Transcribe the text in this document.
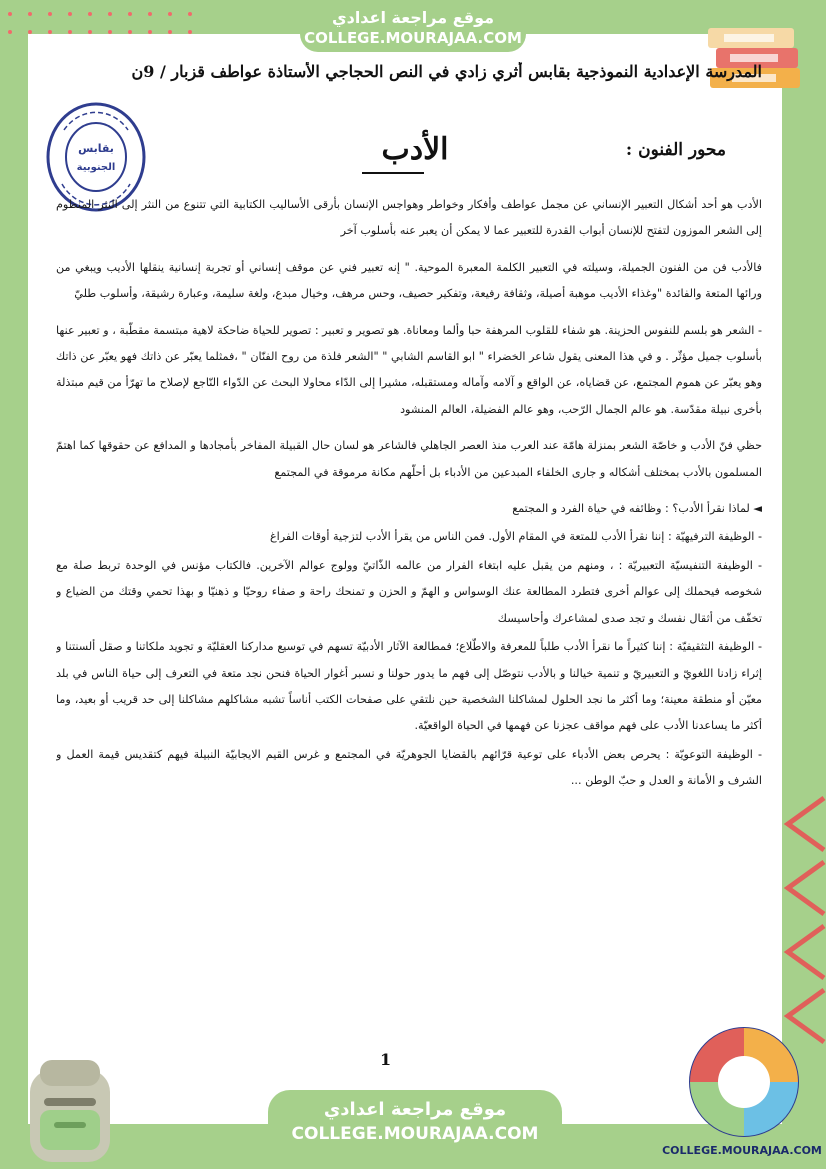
موقع مراجعة اعدادي
COLLEGE.MOURAJAA.COM
المدرسة الإعدادية النموذجية بقابس أثري زادي في النص الحجاجي الأستاذة عواطف قزبار / 9ن
بقابس
الجنوبية
محور الفنون :
الأدب

الأدب هو أحد أشكال التعبير الإنساني عن مجمل عواطف وأفكار وخواطر وهواجس الإنسان بأرقى الأساليب الكتابية التي تتنوع من النثر إلى النثر المنظوم إلى الشعر الموزون لتفتح للإنسان أبواب القدرة للتعبير عما لا يمكن أن يعبر عنه بأسلوب آخر

فالأدب فن من الفنون الجميلة، وسيلته في التعبير الكلمة المعبرة الموحية. " إنه تعبير فني عن موقف إنساني أو تجربة إنسانية ينقلها الأديب ويبغي من ورائها المتعة والفائدة "وغذاء الأديب موهبة أصيلة، وثقافة رفيعة، وتفكير حصيف، وحس مرهف، وخيال مبدع، ولغة سليمة، وعبارة رشيقة، وأسلوب طليّ

- الشعر هو بلسم للنفوس الحزينة. هو شفاء للقلوب المرهفة حبا وألما ومعاناة. هو تصوير و تعبير : تصوير للحياة ضاحكة لاهية مبتسمة مقطّبة ، و تعبير عنها بأسلوب جميل مؤثّر . و في هذا المعنى يقول شاعر الخضراء " ابو القاسم الشابي " "الشعر فلذة من روح الفنّان " ،فمثلما يعبّر عن ذاتك فهو يعبّر عن ذاتك وهو يعبّر عن هموم المجتمع، عن قضاياه، عن الواقع و آلامه وآماله ومستقبله، مشيرا إلى الدّاء محاولا البحث عن الدّواء النّاجع لإصلاح ما تهرّأ من قيم مبتذلة بأخرى نبيلة مقدّسة. هو عالم الجمال الرّحب، وهو عالم الفضيلة، العالم المنشود

حظي فنّ الأدب و خاصّة الشعر بمنزلة هامّة عند العرب منذ العصر الجاهلي فالشاعر هو لسان حال القبيلة المفاخر بأمجادها و المدافع عن حقوقها كما اهتمّ المسلمون بالأدب بمختلف أشكاله و جارى الخلفاء المبدعين من الأدباء بل أحلّهم مكانة مرموقة في المجتمع

◄ لماذا نقرأ الأدب؟ : وظائفه في حياة الفرد و المجتمع

- الوظيفة الترفيهيّة : إننا نقرأ الأدب للمتعة في المقام الأول. فمن الناس من يقرأ الأدب لتزجية أوقات الفراغ

- الوظيفة التنفيسيّة التعبيريّة : ، ومنهم من يقبل عليه ابتغاء الفرار من عالمه الذّاتيّ وولوج عوالم الآخرين. فالكتاب مؤنس في الوحدة تربط صلة مع شخوصه فيحملك إلى عوالم أخرى فتطرد المطالعة عنك الوسواس و الهمّ و الحزن و تمنحك راحة و صفاء روحيّا و ذهنيّا و بهذا تحمي وقتك من الضياع و تخفّف من أثقال نفسك و تجد صدى لمشاعرك وأحاسيسك

- الوظيفة التثقيفيّة : إننا كثيراً ما نقرأ الأدب طلباً للمعرفة والاطّلاع؛ فمطالعة الآثار الأدبيّة تسهم في توسيع مداركنا العقليّة و تجويد ملكاتنا و صقل ألسنتنا و إثراء زادنا اللغويّ و التعبيريّ و تنمية خيالنا و بالأدب نتوصّل إلى فهم ما يدور حولنا و نسبر أغوار الحياة فنحن نجد متعة في التعرف إلى حياة الناس في بلد معيّن أو منطقة معينة؛ وما أكثر ما نجد الحلول لمشاكلنا الشخصية حين نلتقي على صفحات الكتب أناساً تشبه مشاكلهم مشاكلنا إلى حد قريب أو بعيد، وما أكثر ما يساعدنا الأدب على فهم مواقف عجزنا عن فهمها في الحياة الواقعيّة.

- الوظيفة التوعويّة : يحرص بعض الأدباء على توعية قرّائهم بالقضايا الجوهريّة في المجتمع و غرس القيم الايجابيّة النبيلة فيهم كتقديس قيمة العمل و الشرف و الأمانة و العدل و حبّ الوطن ...

1
COLLEGE.MOURAJAA.COM
موقع مراجعة اعدادي
COLLEGE.MOURAJAA.COM
